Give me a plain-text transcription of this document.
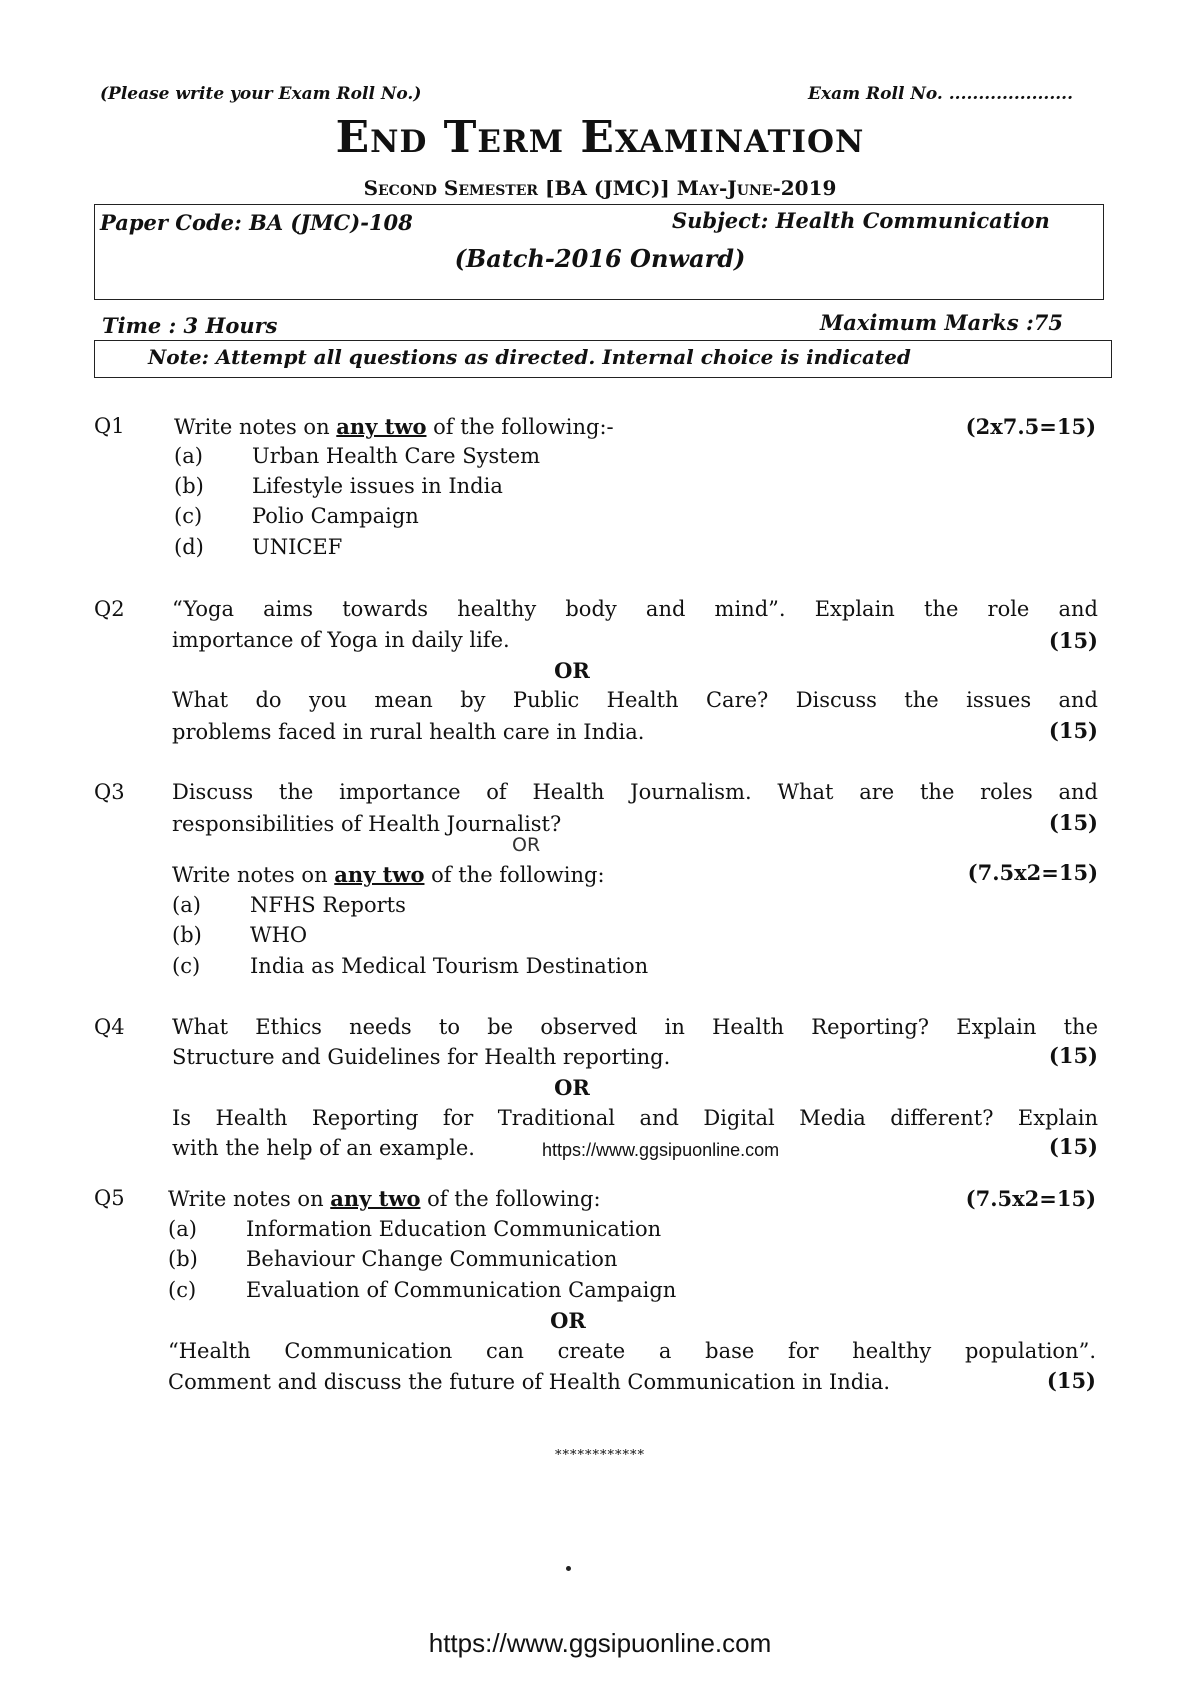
(Please write your Exam Roll No.)	Exam Roll No. .....................
End Term Examination
Second Semester [BA (JMC)] May-June-2019
Paper Code: BA (JMC)-108	Subject: Health Communication
(Batch-2016 Onward)
Time : 3 Hours	Maximum Marks :75
Note: Attempt all questions as directed. Internal choice is indicated
Q1 Write notes on any two of the following:-	(2x7.5=15)
(a) Urban Health Care System
(b) Lifestyle issues in India
(c) Polio Campaign
(d) UNICEF
Q2 “Yoga aims towards healthy body and mind”. Explain the role and
importance of Yoga in daily life.	(15)
OR
What do you mean by Public Health Care? Discuss the issues and
problems faced in rural health care in India.	(15)
Q3 Discuss the importance of Health Journalism. What are the roles and
responsibilities of Health Journalist?	(15)
OR
Write notes on any two of the following:	(7.5x2=15)
(a) NFHS Reports
(b) WHO
(c) India as Medical Tourism Destination
Q4 What Ethics needs to be observed in Health Reporting? Explain the
Structure and Guidelines for Health reporting.	(15)
OR
Is Health Reporting for Traditional and Digital Media different? Explain
with the help of an example.	https://www.ggsipuonline.com	(15)
Q5 Write notes on any two of the following:	(7.5x2=15)
(a) Information Education Communication
(b) Behaviour Change Communication
(c) Evaluation of Communication Campaign
OR
“Health Communication can create a base for healthy population”.
Comment and discuss the future of Health Communication in India.	(15)
************
https://www.ggsipuonline.com
